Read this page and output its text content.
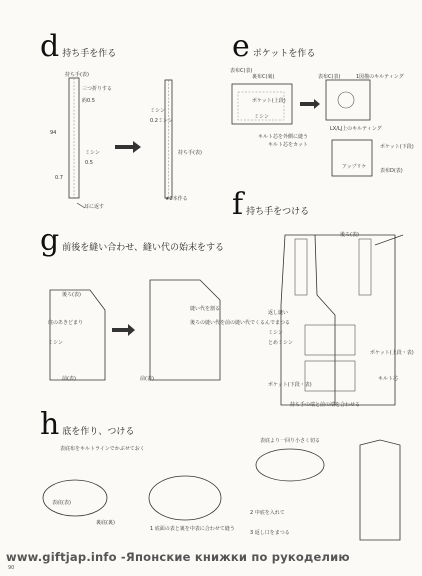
d 持ち手を作る
持ち手(表)
三つ折りする
約0.5
94
ミシン
0.5
0.7
耳に返す
ミシン
0.2ミシン
持ち手(表)
★2本作る
e ポケットを作る
表布C(表)
裏布C(裏)
ポケット(上段)
ミシン
キルト芯を外側に縫う
キルト芯をカット
表布C(表)	1図描のキルティング
LX/LJ上のキルティング
アップリケ
ポケット(下段)
表布D(表)
f 持ち手をつける
後ろ(表)
返し縫い
ミシン
とめミシン
ポケット(上段・表)
ポケット(下段・表)
キルト芯
持ち手の端と前の端を合わせる
g 前後を縫い合わせ、縫い代の始末をする
後ろ(表)
底のあきどまり
ミシン
前(表)
縫い代を割る
後ろの縫い代を前の縫い代でくるんでまつる
前(表)
h 底を作り、つける
表底布をキルトラインでかぶせておく
表底(表)
裏底(裏)
1 底面の表と裏を中表に合わせて縫う
表底より一回り小さく切る
2 中底を入れて
3 返し口をまつる
90
www.giftjap.info -Японские книжки по рукоделию
